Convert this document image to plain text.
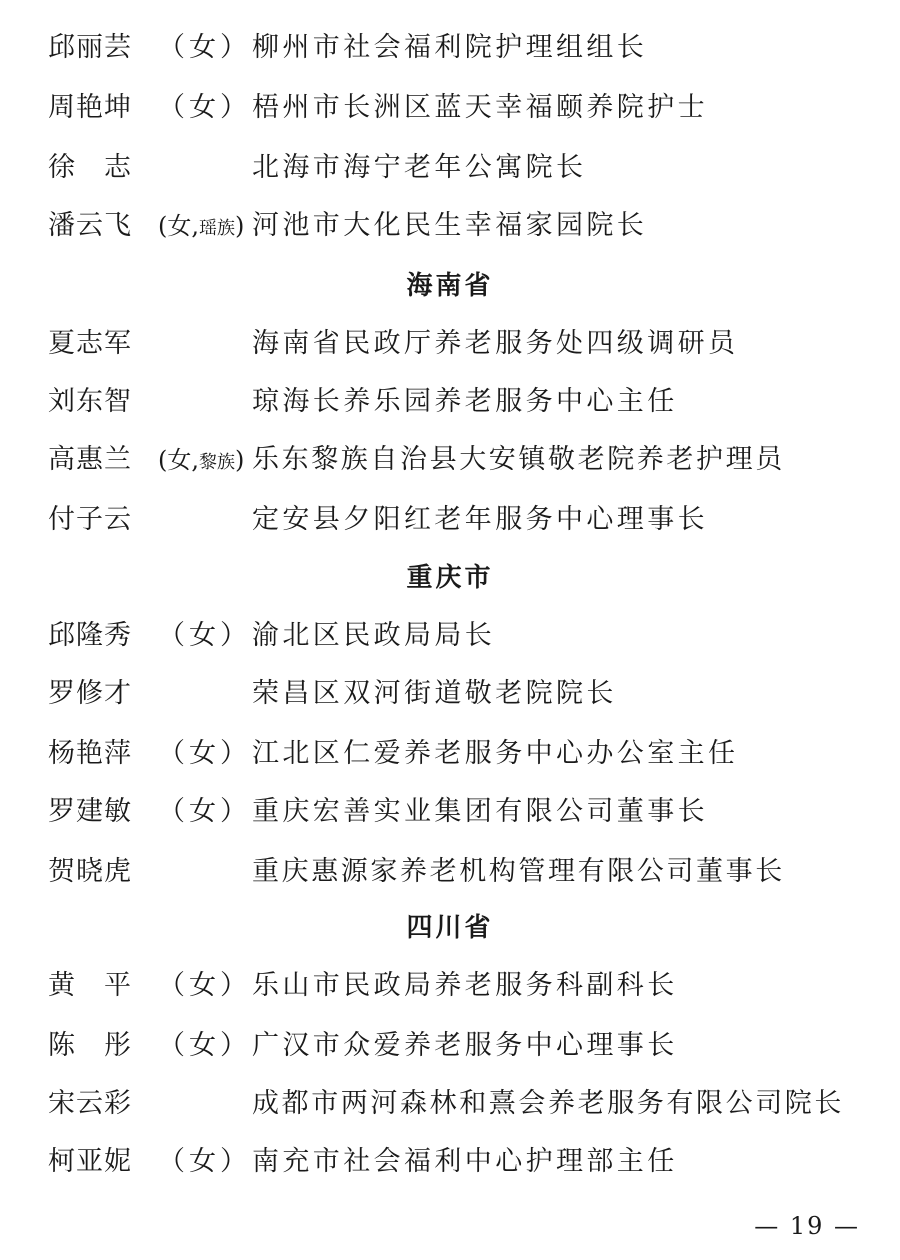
邱丽芸 （女） 柳州市社会福利院护理组组长
周艳坤 （女） 梧州市长洲区蓝天幸福颐养院护士
徐　志	北海市海宁老年公寓院长
潘云飞	(女,瑶族) 河池市大化民生幸福家园院长
海南省
夏志军	海南省民政厅养老服务处四级调研员
刘东智	琼海长养乐园养老服务中心主任
高惠兰	(女,黎族) 乐东黎族自治县大安镇敬老院养老护理员
付子云	定安县夕阳红老年服务中心理事长
重庆市
邱隆秀 （女） 渝北区民政局局长
罗修才	荣昌区双河街道敬老院院长
杨艳萍 （女） 江北区仁爱养老服务中心办公室主任
罗建敏 （女） 重庆宏善实业集团有限公司董事长
贺晓虎	重庆惠源家养老机构管理有限公司董事长
四川省
黄　平 （女） 乐山市民政局养老服务科副科长
陈　彤 （女） 广汉市众爱养老服务中心理事长
宋云彩	成都市两河森林和熹会养老服务有限公司院长
柯亚妮 （女） 南充市社会福利中心护理部主任
— 19 —
